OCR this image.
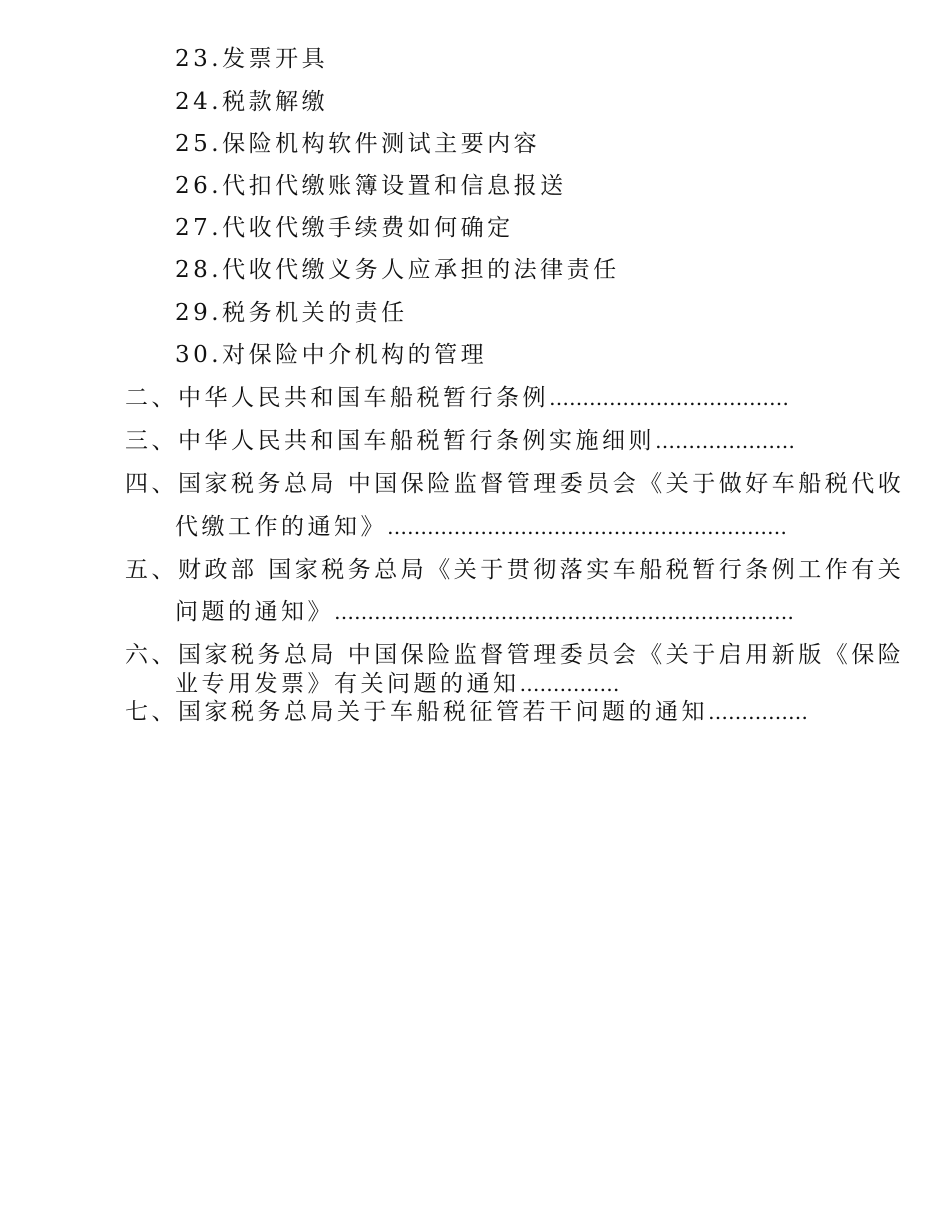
23.发票开具
24.税款解缴
25.保险机构软件测试主要内容
26.代扣代缴账簿设置和信息报送
27.代收代缴手续费如何确定
28.代收代缴义务人应承担的法律责任
29.税务机关的责任
30.对保险中介机构的管理
二、中华人民共和国车船税暂行条例………………………………
三、中华人民共和国车船税暂行条例实施细则…………………
四、国家税务总局 中国保险监督管理委员会《关于做好车船税代收
代缴工作的通知》……………………………………………………
五、财政部 国家税务总局《关于贯彻落实车船税暂行条例工作有关
问题的通知》……………………………………………………………
六、国家税务总局 中国保险监督管理委员会《关于启用新版《保险
业专用发票》有关问题的通知……………
七、国家税务总局关于车船税征管若干问题的通知……………
